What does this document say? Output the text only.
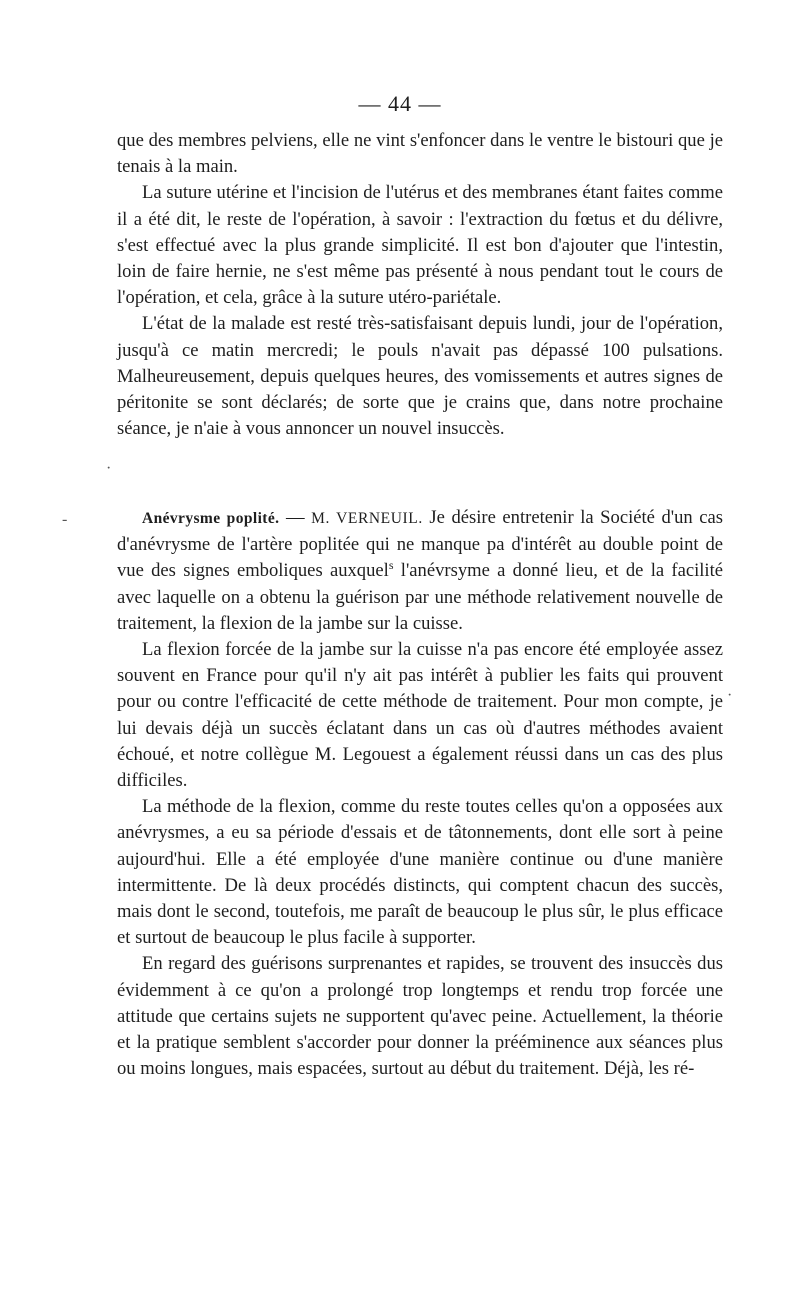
— 44 —

que des membres pelviens, elle ne vint s'enfoncer dans le ventre le bistouri que je tenais à la main.

La suture utérine et l'incision de l'utérus et des membranes étant faites comme il a été dit, le reste de l'opération, à savoir : l'extraction du fœtus et du délivre, s'est effectué avec la plus grande simplicité. Il est bon d'ajouter que l'intestin, loin de faire hernie, ne s'est même pas présenté à nous pendant tout le cours de l'opération, et cela, grâce à la suture utéro-pariétale.

L'état de la malade est resté très-satisfaisant depuis lundi, jour de l'opération, jusqu'à ce matin mercredi; le pouls n'avait pas dépassé 100 pulsations. Malheureusement, depuis quelques heures, des vomissements et autres signes de péritonite se sont déclarés; de sorte que je crains que, dans notre prochaine séance, je n'aie à vous annoncer un nouvel insuccès.

Anévrysme poplité. — M. VERNEUIL. Je désire entretenir la Société d'un cas d'anévrysme de l'artère poplitée qui ne manque pa d'intérêt au double point de vue des signes emboliques auxquel$^s$ l'anévrsyme a donné lieu, et de la facilité avec laquelle on a obtenu la guérison par une méthode relativement nouvelle de traitement, la flexion de la jambe sur la cuisse.

La flexion forcée de la jambe sur la cuisse n'a pas encore été employée assez souvent en France pour qu'il n'y ait pas intérêt à publier les faits qui prouvent pour ou contre l'efficacité de cette méthode de traitement. Pour mon compte, je lui devais déjà un succès éclatant dans un cas où d'autres méthodes avaient échoué, et notre collègue M. Legouest a également réussi dans un cas des plus difficiles.

La méthode de la flexion, comme du reste toutes celles qu'on a opposées aux anévrysmes, a eu sa période d'essais et de tâtonnements, dont elle sort à peine aujourd'hui. Elle a été employée d'une manière continue ou d'une manière intermittente. De là deux procédés distincts, qui comptent chacun des succès, mais dont le second, toutefois, me paraît de beaucoup le plus sûr, le plus efficace et surtout de beaucoup le plus facile à supporter.

En regard des guérisons surprenantes et rapides, se trouvent des insuccès dus évidemment à ce qu'on a prolongé trop longtemps et rendu trop forcée une attitude que certains sujets ne supportent qu'avec peine. Actuellement, la théorie et la pratique semblent s'accorder pour donner la prééminence aux séances plus ou moins longues, mais espacées, surtout au début du traitement. Déjà, les ré-

·
-
·
